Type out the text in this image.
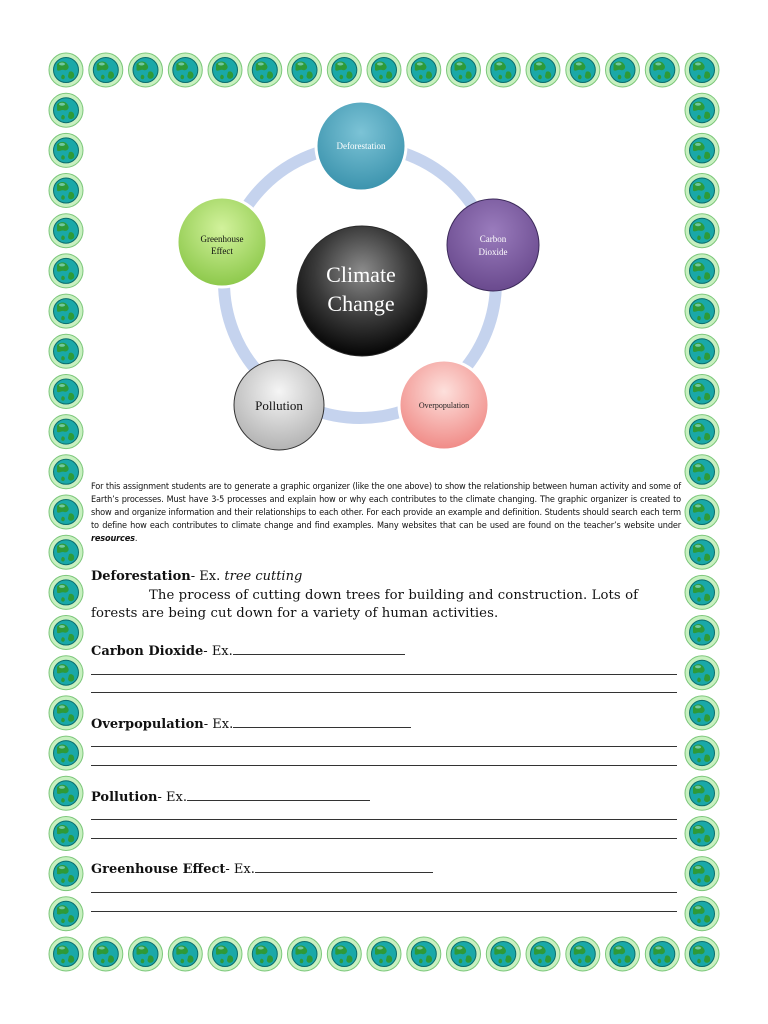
Climate
Change
Deforestation
Carbon
Dioxide
Overpopulation
Pollution
Greenhouse
Effect
For this assignment students are to generate a graphic organizer (like the one above) to show the relationship between human activity and some of Earth’s processes. Must have 3-5 processes and explain how or why each contributes to the climate changing. The graphic organizer is created to show and organize information and their relationships to each other. For each provide an example and definition. Students should search each term to define how each contributes to climate change and find examples. Many websites that can be used are found on the teacher’s website under resources.
Deforestation- Ex. tree cutting
The process of cutting down trees for building and construction. Lots of forests are being cut down for a variety of human activities.
Carbon Dioxide- Ex.
Overpopulation- Ex.
Pollution- Ex.
Greenhouse Effect- Ex.
